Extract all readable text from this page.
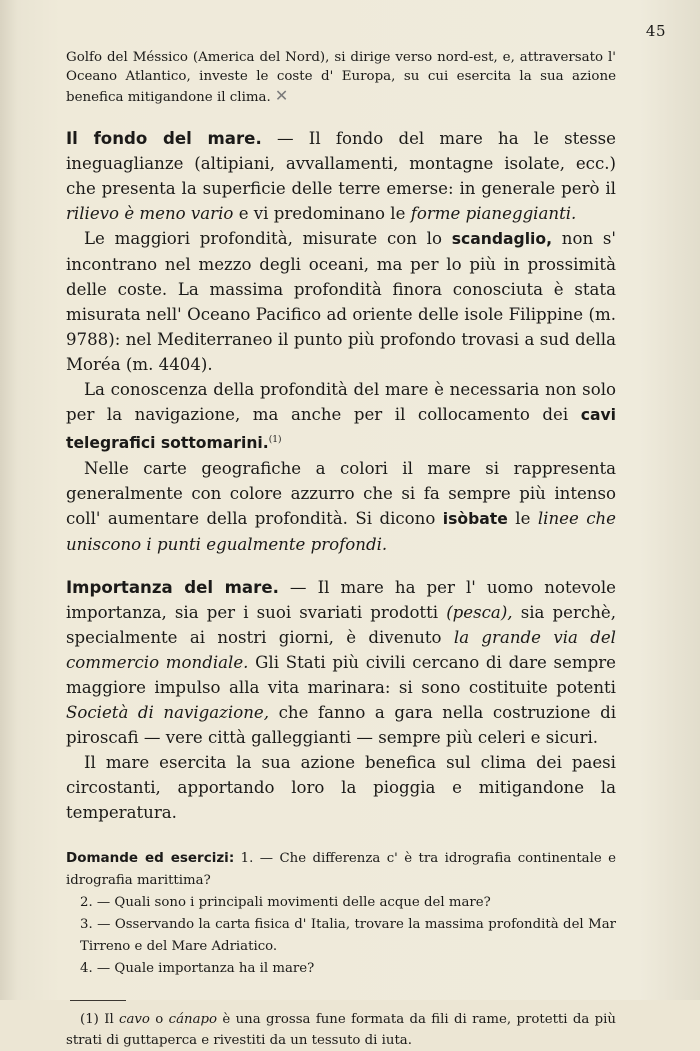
45

Golfo del Méssico (America del Nord), si dirige verso nord-est, e, attraversato l' Oceano Atlantico, investe le coste d' Europa, su cui esercita la sua azione benefica mitigandone il clima. ✕

Il fondo del mare. — Il fondo del mare ha le stesse ineguaglianze (altipiani, avvallamenti, montagne isolate, ecc.) che presenta la superficie delle terre emerse: in generale però il rilievo è meno vario e vi predominano le forme pianeggianti.

Le maggiori profondità, misurate con lo scandaglio, non s' incontrano nel mezzo degli oceani, ma per lo più in prossimità delle coste. La massima profondità finora conosciuta è stata misurata nell' Oceano Pacifico ad oriente delle isole Filippine (m. 9788): nel Mediterraneo il punto più profondo trovasi a sud della Moréa (m. 4404).

La conoscenza della profondità del mare è necessaria non solo per la navigazione, ma anche per il collocamento dei cavi telegrafici sottomarini.$^{(1)}$

Nelle carte geografiche a colori il mare si rappresenta generalmente con colore azzurro che si fa sempre più intenso coll' aumentare della profondità. Si dicono isòbate le linee che uniscono i punti egualmente profondi.

Importanza del mare. — Il mare ha per l' uomo notevole importanza, sia per i suoi svariati prodotti (pesca), sia perchè, specialmente ai nostri giorni, è divenuto la grande via del commercio mondiale. Gli Stati più civili cercano di dare sempre maggiore impulso alla vita marinara: si sono costituite potenti Società di navigazione, che fanno a gara nella costruzione di piroscafi — vere città galleggianti — sempre più celeri e sicuri.

Il mare esercita la sua azione benefica sul clima dei paesi circostanti, apportando loro la pioggia e mitigandone la temperatura.

Domande ed esercizi: 1. — Che differenza c' è tra idrografia continentale e idrografia marittima?

2. — Quali sono i principali movimenti delle acque del mare?

3. — Osservando la carta fisica d' Italia, trovare la massima profondità del Mar Tirreno e del Mare Adriatico.

4. — Quale importanza ha il mare?

(1) Il cavo o cánapo è una grossa fune formata da fili di rame, protetti da più strati di guttaperca e rivestiti da un tessuto di iuta.
